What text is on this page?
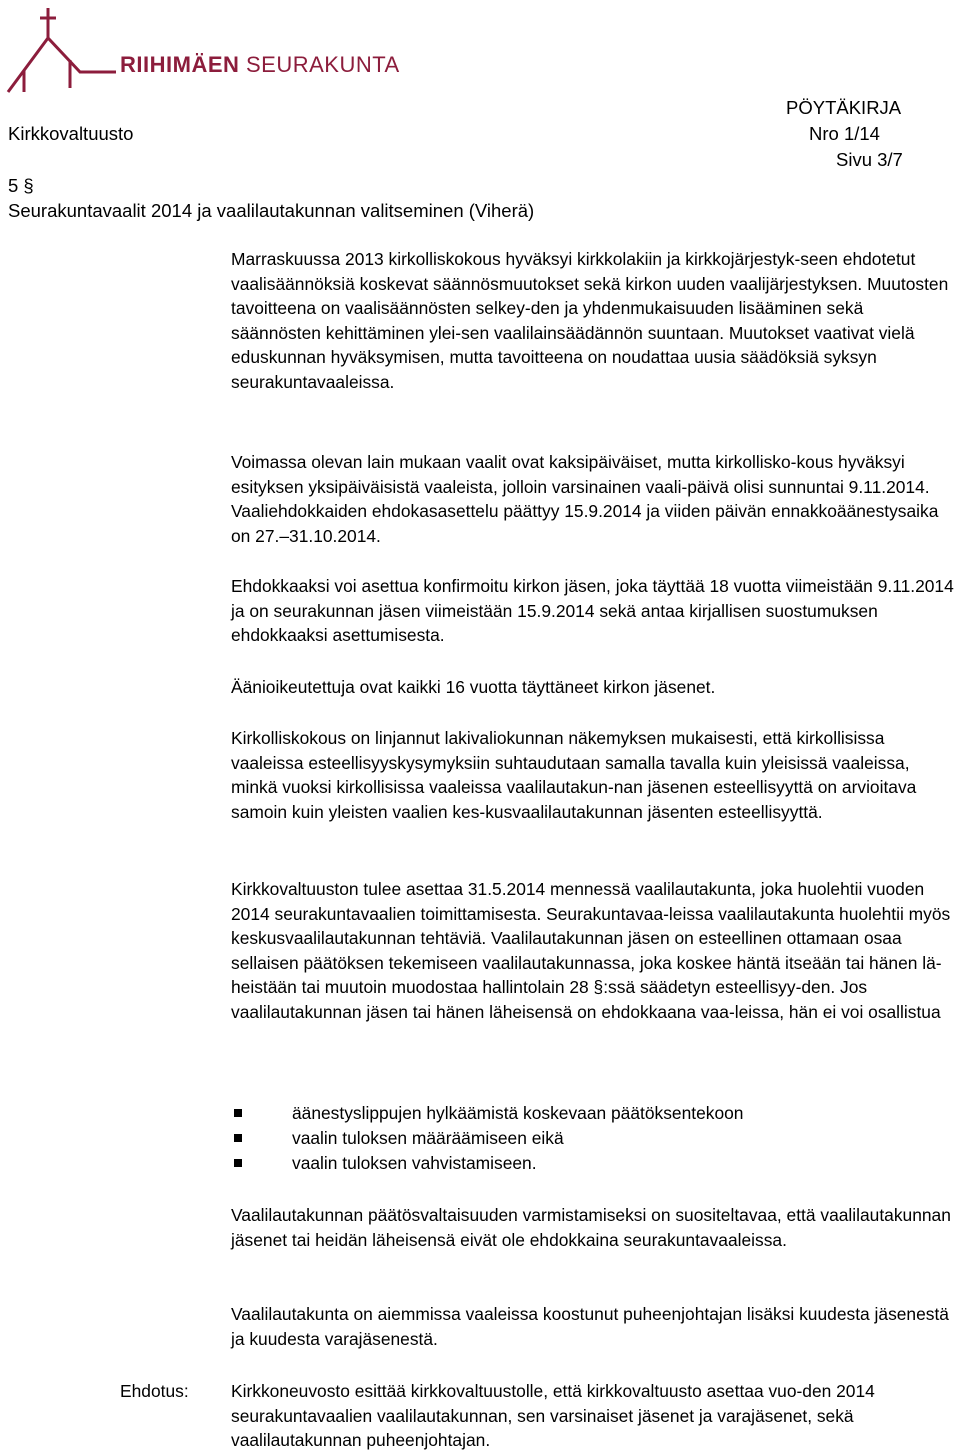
RIIHIMÄEN SEURAKUNTA
PÖYTÄKIRJA
Kirkkovaltuusto	Nro 1/14
Sivu 3/7
5 §
Seurakuntavaalit 2014 ja vaalilautakunnan valitseminen (Viherä)

Marraskuussa 2013 kirkolliskokous hyväksyi kirkkolakiin ja kirkkojärjestyk-seen ehdotetut vaalisäännöksiä koskevat säännösmuutokset sekä kirkon uuden vaalijärjestyksen. Muutosten tavoitteena on vaalisäännösten selkey-den ja yhdenmukaisuuden lisääminen sekä säännösten kehittäminen ylei-sen vaalilainsäädännön suuntaan. Muutokset vaativat vielä eduskunnan hyväksymisen, mutta tavoitteena on noudattaa uusia säädöksiä syksyn seurakuntavaaleissa.

Voimassa olevan lain mukaan vaalit ovat kaksipäiväiset, mutta kirkollisko-kous hyväksyi esityksen yksipäiväisistä vaaleista, jolloin varsinainen vaali-päivä olisi sunnuntai 9.11.2014. Vaaliehdokkaiden ehdokasasettelu päättyy 15.9.2014 ja viiden päivän ennakkoäänestysaika on 27.–31.10.2014.

Ehdokkaaksi voi asettua konfirmoitu kirkon jäsen, joka täyttää 18 vuotta viimeistään 9.11.2014 ja on seurakunnan jäsen viimeistään 15.9.2014 sekä antaa kirjallisen suostumuksen ehdokkaaksi asettumisesta.

Äänioikeutettuja ovat kaikki 16 vuotta täyttäneet kirkon jäsenet.

Kirkolliskokous on linjannut lakivaliokunnan näkemyksen mukaisesti, että kirkollisissa vaaleissa esteellisyyskysymyksiin suhtaudutaan samalla tavalla kuin yleisissä vaaleissa, minkä vuoksi kirkollisissa vaaleissa vaalilautakun-nan jäsenen esteellisyyttä on arvioitava samoin kuin yleisten vaalien kes-kusvaalilautakunnan jäsenten esteellisyyttä.

Kirkkovaltuuston tulee asettaa 31.5.2014 mennessä vaalilautakunta, joka huolehtii vuoden 2014 seurakuntavaalien toimittamisesta. Seurakuntavaa-leissa vaalilautakunta huolehtii myös keskusvaalilautakunnan tehtäviä. Vaalilautakunnan jäsen on esteellinen ottamaan osaa sellaisen päätöksen tekemiseen vaalilautakunnassa, joka koskee häntä itseään tai hänen lä-heistään tai muutoin muodostaa hallintolain 28 §:ssä säädetyn esteellisyy-den. Jos vaalilautakunnan jäsen tai hänen läheisensä on ehdokkaana vaa-leissa, hän ei voi osallistua

äänestyslippujen hylkäämistä koskevaan päätöksentekoon
vaalin tuloksen määräämiseen eikä
vaalin tuloksen vahvistamiseen.

Vaalilautakunnan päätösvaltaisuuden varmistamiseksi on suositeltavaa, että vaalilautakunnan jäsenet tai heidän läheisensä eivät ole ehdokkaina seurakuntavaaleissa.

Vaalilautakunta on aiemmissa vaaleissa koostunut puheenjohtajan lisäksi kuudesta jäsenestä ja kuudesta varajäsenestä.

Ehdotus: Kirkkoneuvosto esittää kirkkovaltuustolle, että kirkkovaltuusto asettaa vuo-den 2014 seurakuntavaalien vaalilautakunnan, sen varsinaiset jäsenet ja varajäsenet, sekä vaalilautakunnan puheenjohtajan.
